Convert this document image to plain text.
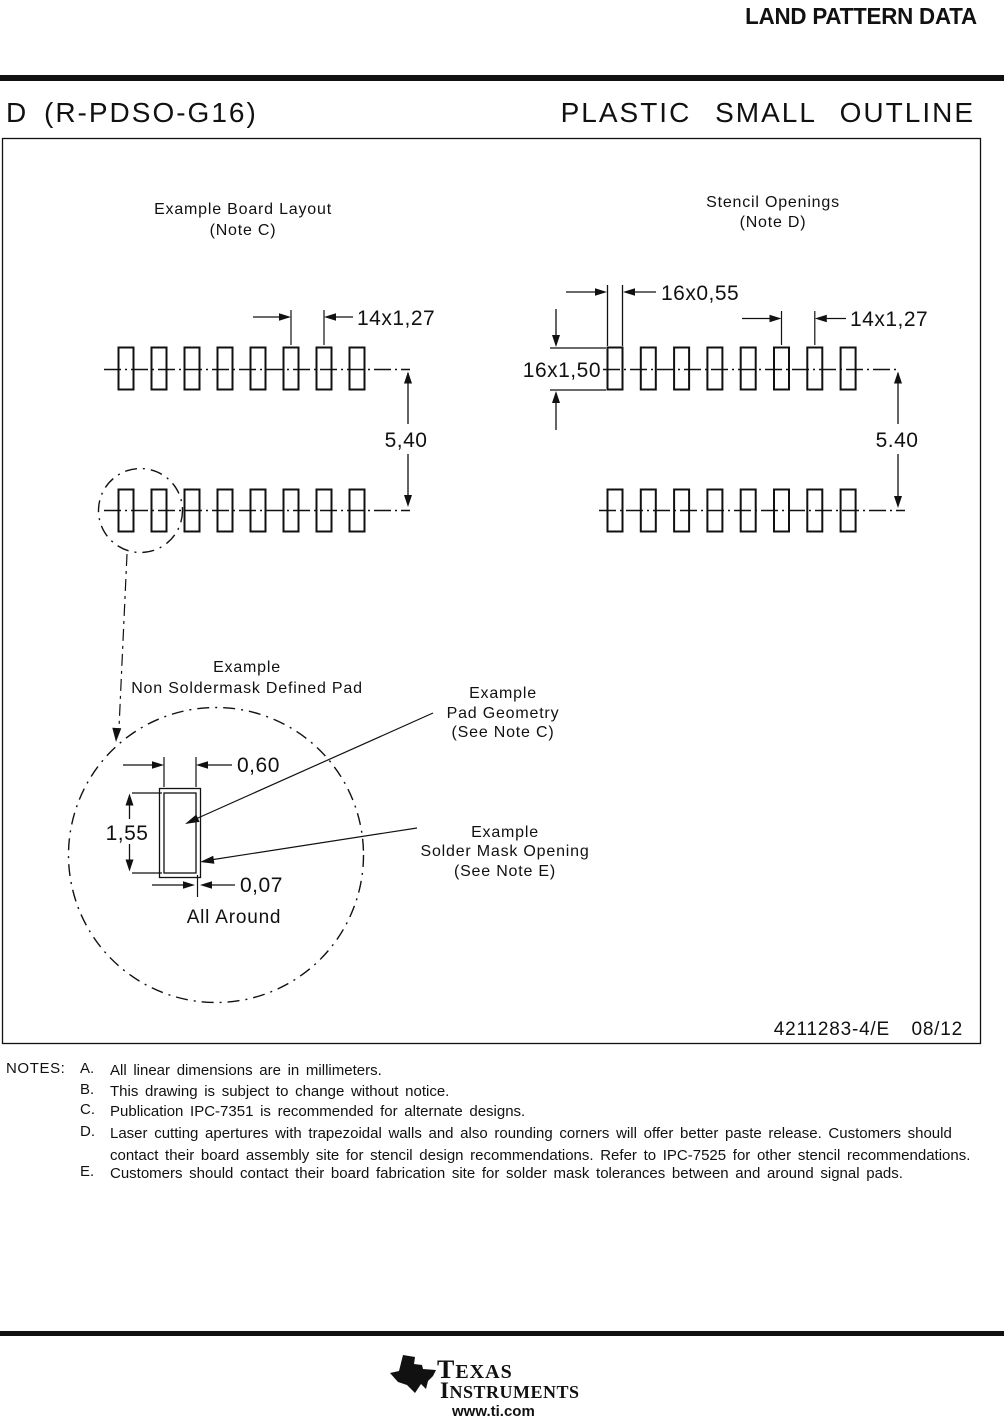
LAND PATTERN DATA
D (R-PDSO-G16)	PLASTIC SMALL OUTLINE
Example Board Layout
(Note C)
14x1,27
5,40
Stencil Openings
(Note D)
16x0,55
14x1,27
16x1,50
5.40
Example
Non Soldermask Defined Pad
0,60
1,55
0,07
All Around
Example
Pad Geometry
(See Note C)
Example
Solder Mask Opening
(See Note E)
4211283-4/E 08/12
NOTES: A. All linear dimensions are in millimeters.
B. This drawing is subject to change without notice.
C. Publication IPC-7351 is recommended for alternate designs.
D. Laser cutting apertures with trapezoidal walls and also rounding corners will offer better paste release. Customers should contact their board assembly site for stencil design recommendations. Refer to IPC-7525 for other stencil recommendations.
E. Customers should contact their board fabrication site for solder mask tolerances between and around signal pads.
ti TEXAS
INSTRUMENTS
www.ti.com
